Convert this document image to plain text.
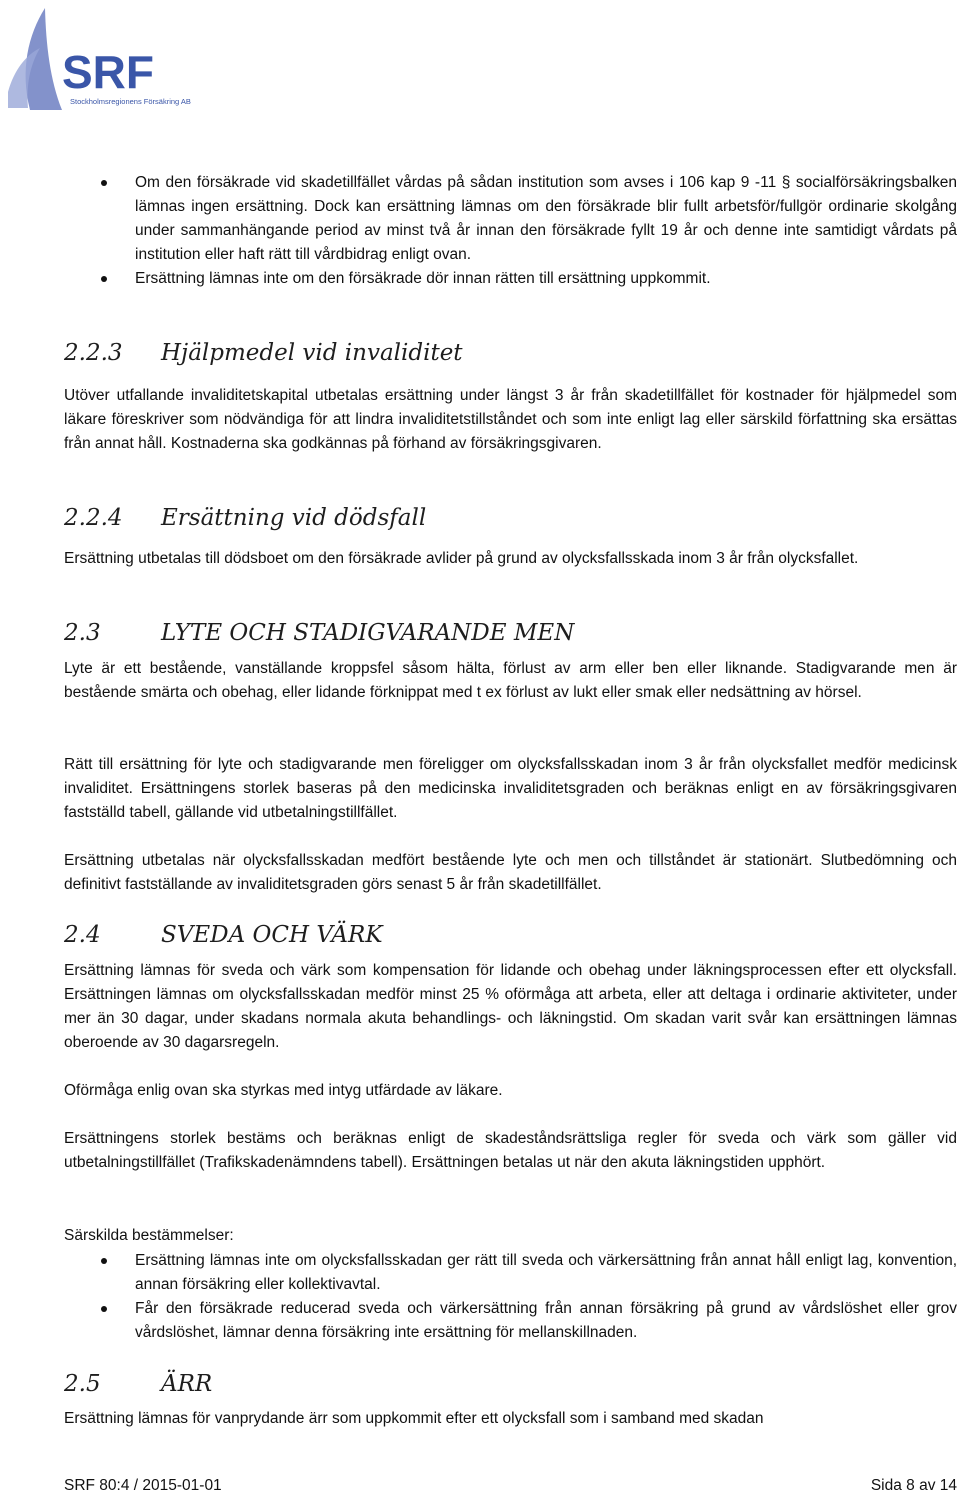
SRF
Stockholmsregionens Försäkring AB
Om den försäkrade vid skadetillfället vårdas på sådan institution som avses i 106 kap 9 -11 § socialförsäkringsbalken lämnas ingen ersättning. Dock kan ersättning lämnas om den försäkrade blir fullt arbetsför/fullgör ordinarie skolgång under sammanhängande period av minst två år innan den försäkrade fyllt 19 år och denne inte samtidigt vårdats på institution eller haft rätt till vårdbidrag enligt ovan.
Ersättning lämnas inte om den försäkrade dör innan rätten till ersättning uppkommit.
2.2.3 Hjälpmedel vid invaliditet

Utöver utfallande invaliditetskapital utbetalas ersättning under längst 3 år från skadetillfället för kostnader för hjälpmedel som läkare föreskriver som nödvändiga för att lindra invaliditetstillståndet och som inte enligt lag eller särskild författning ska ersättas från annat håll. Kostnaderna ska godkännas på förhand av försäkringsgivaren.

2.2.4 Ersättning vid dödsfall

Ersättning utbetalas till dödsboet om den försäkrade avlider på grund av olycksfallsskada inom 3 år från olycksfallet.

2.3	LYTE OCH STADIGVARANDE MEN

Lyte är ett bestående, vanställande kroppsfel såsom hälta, förlust av arm eller ben eller liknande. Stadigvarande men är bestående smärta och obehag, eller lidande förknippat med t ex förlust av lukt eller smak eller nedsättning av hörsel.

Rätt till ersättning för lyte och stadigvarande men föreligger om olycksfallsskadan inom 3 år från olycksfallet medför medicinsk invaliditet. Ersättningens storlek baseras på den medicinska invaliditetsgraden och beräknas enligt en av försäkringsgivaren fastställd tabell, gällande vid utbetalningstillfället.

Ersättning utbetalas när olycksfallsskadan medfört bestående lyte och men och tillståndet är stationärt. Slutbedömning och definitivt fastställande av invaliditetsgraden görs senast 5 år från skadetillfället.

2.4	SVEDA OCH VÄRK

Ersättning lämnas för sveda och värk som kompensation för lidande och obehag under läkningsprocessen efter ett olycksfall. Ersättningen lämnas om olycksfallsskadan medför minst 25 % oförmåga att arbeta, eller att deltaga i ordinarie aktiviteter, under mer än 30 dagar, under skadans normala akuta behandlings- och läkningstid. Om skadan varit svår kan ersättningen lämnas oberoende av 30 dagarsregeln.

Oförmåga enlig ovan ska styrkas med intyg utfärdade av läkare.

Ersättningens storlek bestäms och beräknas enligt de skadeståndsrättsliga regler för sveda och värk som gäller vid utbetalningstillfället (Trafikskadenämndens tabell). Ersättningen betalas ut när den akuta läkningstiden upphört.

Särskilda bestämmelser:

Ersättning lämnas inte om olycksfallsskadan ger rätt till sveda och värkersättning från annat håll enligt lag, konvention, annan försäkring eller kollektivavtal.
Får den försäkrade reducerad sveda och värkersättning från annan försäkring på grund av vårdslöshet eller grov vårdslöshet, lämnar denna försäkring inte ersättning för mellanskillnaden.
2.5	ÄRR

Ersättning lämnas för vanprydande ärr som uppkommit efter ett olycksfall som i samband med skadan

SRF 80:4 / 2015-01-01	Sida 8 av 14
